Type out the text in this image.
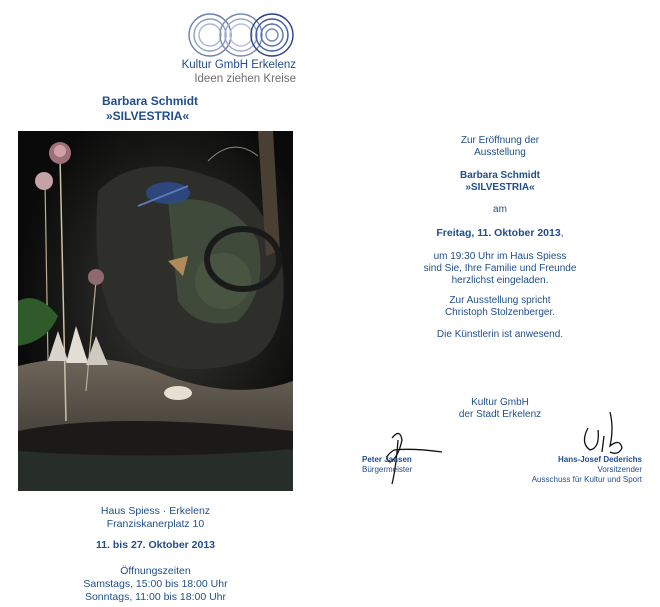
Kultur GmbH Erkelenz
Ideen ziehen Kreise
Barbara Schmidt
»SILVESTRIA«
Haus Spiess · Erkelenz
Franziskanerplatz 10
11. bis 27. Oktober 2013
Öffnungszeiten
Samstags, 15:00 bis 18:00 Uhr
Sonntags, 11:00 bis 18:00 Uhr
Zur Eröffnung der
Ausstellung
Barbara Schmidt
»SILVESTRIA«
am
Freitag, 11. Oktober 2013,
um 19:30 Uhr im Haus Spiess
sind Sie, Ihre Familie und Freunde
herzlichst eingeladen.
Zur Ausstellung spricht
Christoph Stolzenberger.
Die Künstlerin ist anwesend.
Kultur GmbH
der Stadt Erkelenz
Peter Jansen
Bürgermeister
Hans-Josef Dederichs
Vorsitzender
Ausschuss für Kultur und Sport
